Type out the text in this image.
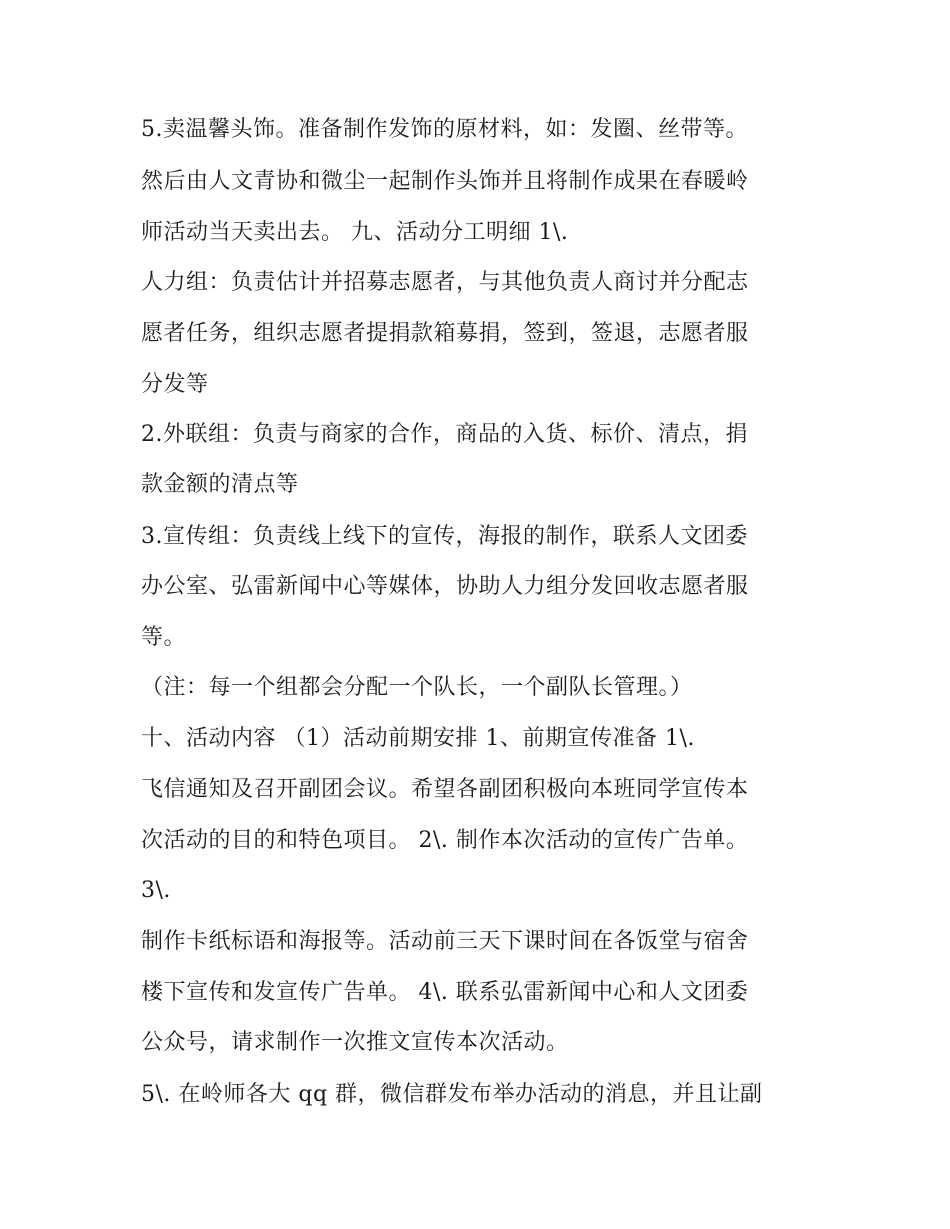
5.卖温馨头饰。准备制作发饰的原材料，如：发圈、丝带等。
然后由人文青协和微尘一起制作头饰并且将制作成果在春暖岭
师活动当天卖出去。 九、活动分工明细 1\.
人力组：负责估计并招募志愿者，与其他负责人商讨并分配志
愿者任务，组织志愿者提捐款箱募捐，签到，签退，志愿者服
分发等
2.外联组：负责与商家的合作，商品的入货、标价、清点，捐
款金额的清点等
3.宣传组：负责线上线下的宣传，海报的制作，联系人文团委
办公室、弘雷新闻中心等媒体，协助人力组分发回收志愿者服
等。
（注：每一个组都会分配一个队长，一个副队长管理。）
十、活动内容 （1）活动前期安排 1、前期宣传准备 1\.
飞信通知及召开副团会议。希望各副团积极向本班同学宣传本
次活动的目的和特色项目。 2\. 制作本次活动的宣传广告单。
3\.
制作卡纸标语和海报等。活动前三天下课时间在各饭堂与宿舍
楼下宣传和发宣传广告单。 4\. 联系弘雷新闻中心和人文团委
公众号，请求制作一次推文宣传本次活动。
5\. 在岭师各大 qq 群，微信群发布举办活动的消息，并且让副
